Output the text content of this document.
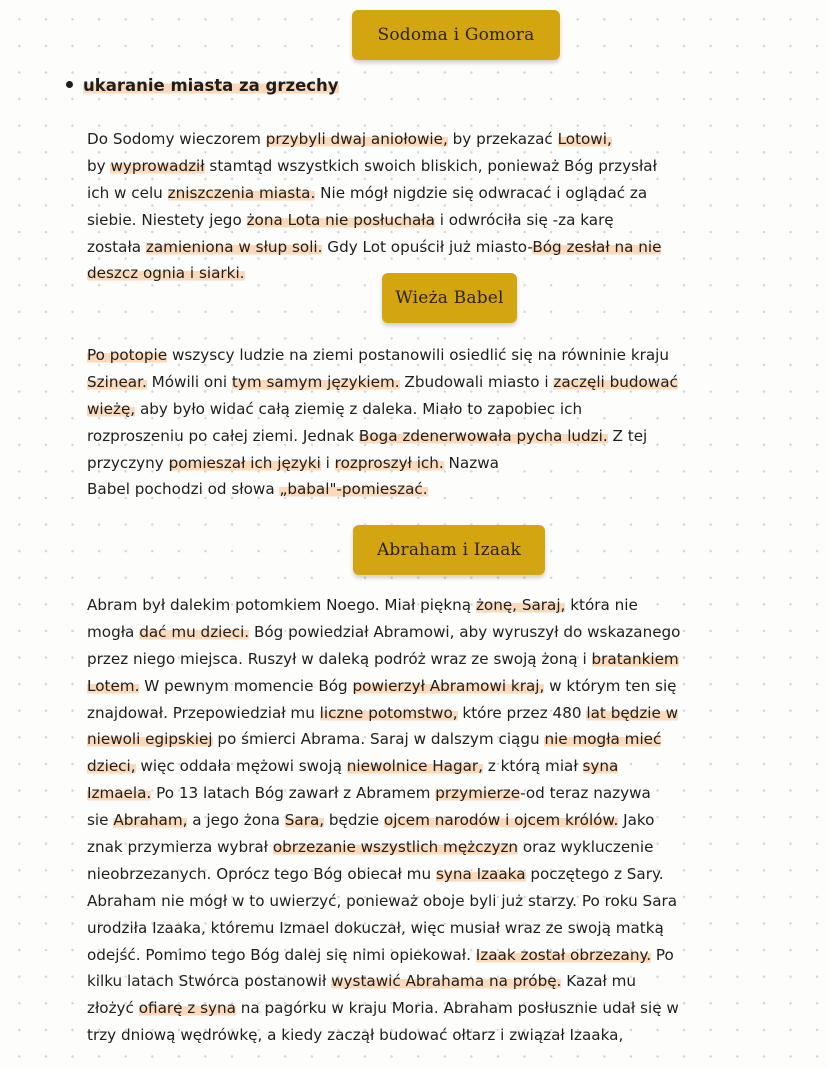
Sodoma i Gomora
ukaranie miasta za grzechy
Do Sodomy wieczorem przybyli dwaj aniołowie, by przekazać Lotowi,
by wyprowadził stamtąd wszystkich swoich bliskich, ponieważ Bóg przysłał
ich w celu zniszczenia miasta. Nie mógł nigdzie się odwracać i oglądać za
siebie. Niestety jego żona Lota nie posłuchała i odwróciła się -za karę
została zamieniona w słup soli. Gdy Lot opuścił już miasto-Bóg zesłał na nie
deszcz ognia i siarki.
Wieża Babel
Po potopie wszyscy ludzie na ziemi postanowili osiedlić się na równinie kraju
Szinear. Mówili oni tym samym językiem. Zbudowali miasto i zaczęli budować
wieżę, aby było widać całą ziemię z daleka. Miało to zapobiec ich
rozproszeniu po całej ziemi. Jednak Boga zdenerwowała pycha ludzi. Z tej
przyczyny pomieszał ich języki i rozproszył ich. Nazwa
Babel pochodzi od słowa „babal"-pomieszać.
Abraham i Izaak
Abram był dalekim potomkiem Noego. Miał piękną żonę, Saraj, która nie
mogła dać mu dzieci. Bóg powiedział Abramowi, aby wyruszył do wskazanego
przez niego miejsca. Ruszył w daleką podróż wraz ze swoją żoną i bratankiem
Lotem. W pewnym momencie Bóg powierzył Abramowi kraj, w którym ten się
znajdował. Przepowiedział mu liczne potomstwo, które przez 480 lat będzie w
niewoli egipskiej po śmierci Abrama. Saraj w dalszym ciągu nie mogła mieć
dzieci, więc oddała mężowi swoją niewolnice Hagar, z którą miał syna
Izmaela. Po 13 latach Bóg zawarł z Abramem przymierze-od teraz nazywa
sie Abraham, a jego żona Sara, będzie ojcem narodów i ojcem królów. Jako
znak przymierza wybrał obrzezanie wszystlich mężczyzn oraz wykluczenie
nieobrzezanych. Oprócz tego Bóg obiecał mu syna Izaaka poczętego z Sary.
Abraham nie mógł w to uwierzyć, ponieważ oboje byli już starzy. Po roku Sara
urodziła Izaaka, któremu Izmael dokuczał, więc musiał wraz ze swoją matką
odejść. Pomimo tego Bóg dalej się nimi opiekował. Izaak został obrzezany. Po
kilku latach Stwórca postanowił wystawić Abrahama na próbę. Kazał mu
złożyć ofiarę z syna na pagórku w kraju Moria. Abraham posłusznie udał się w
trzy dniową wędrówkę, a kiedy zaczął budować ołtarz i związał Izaaka,
